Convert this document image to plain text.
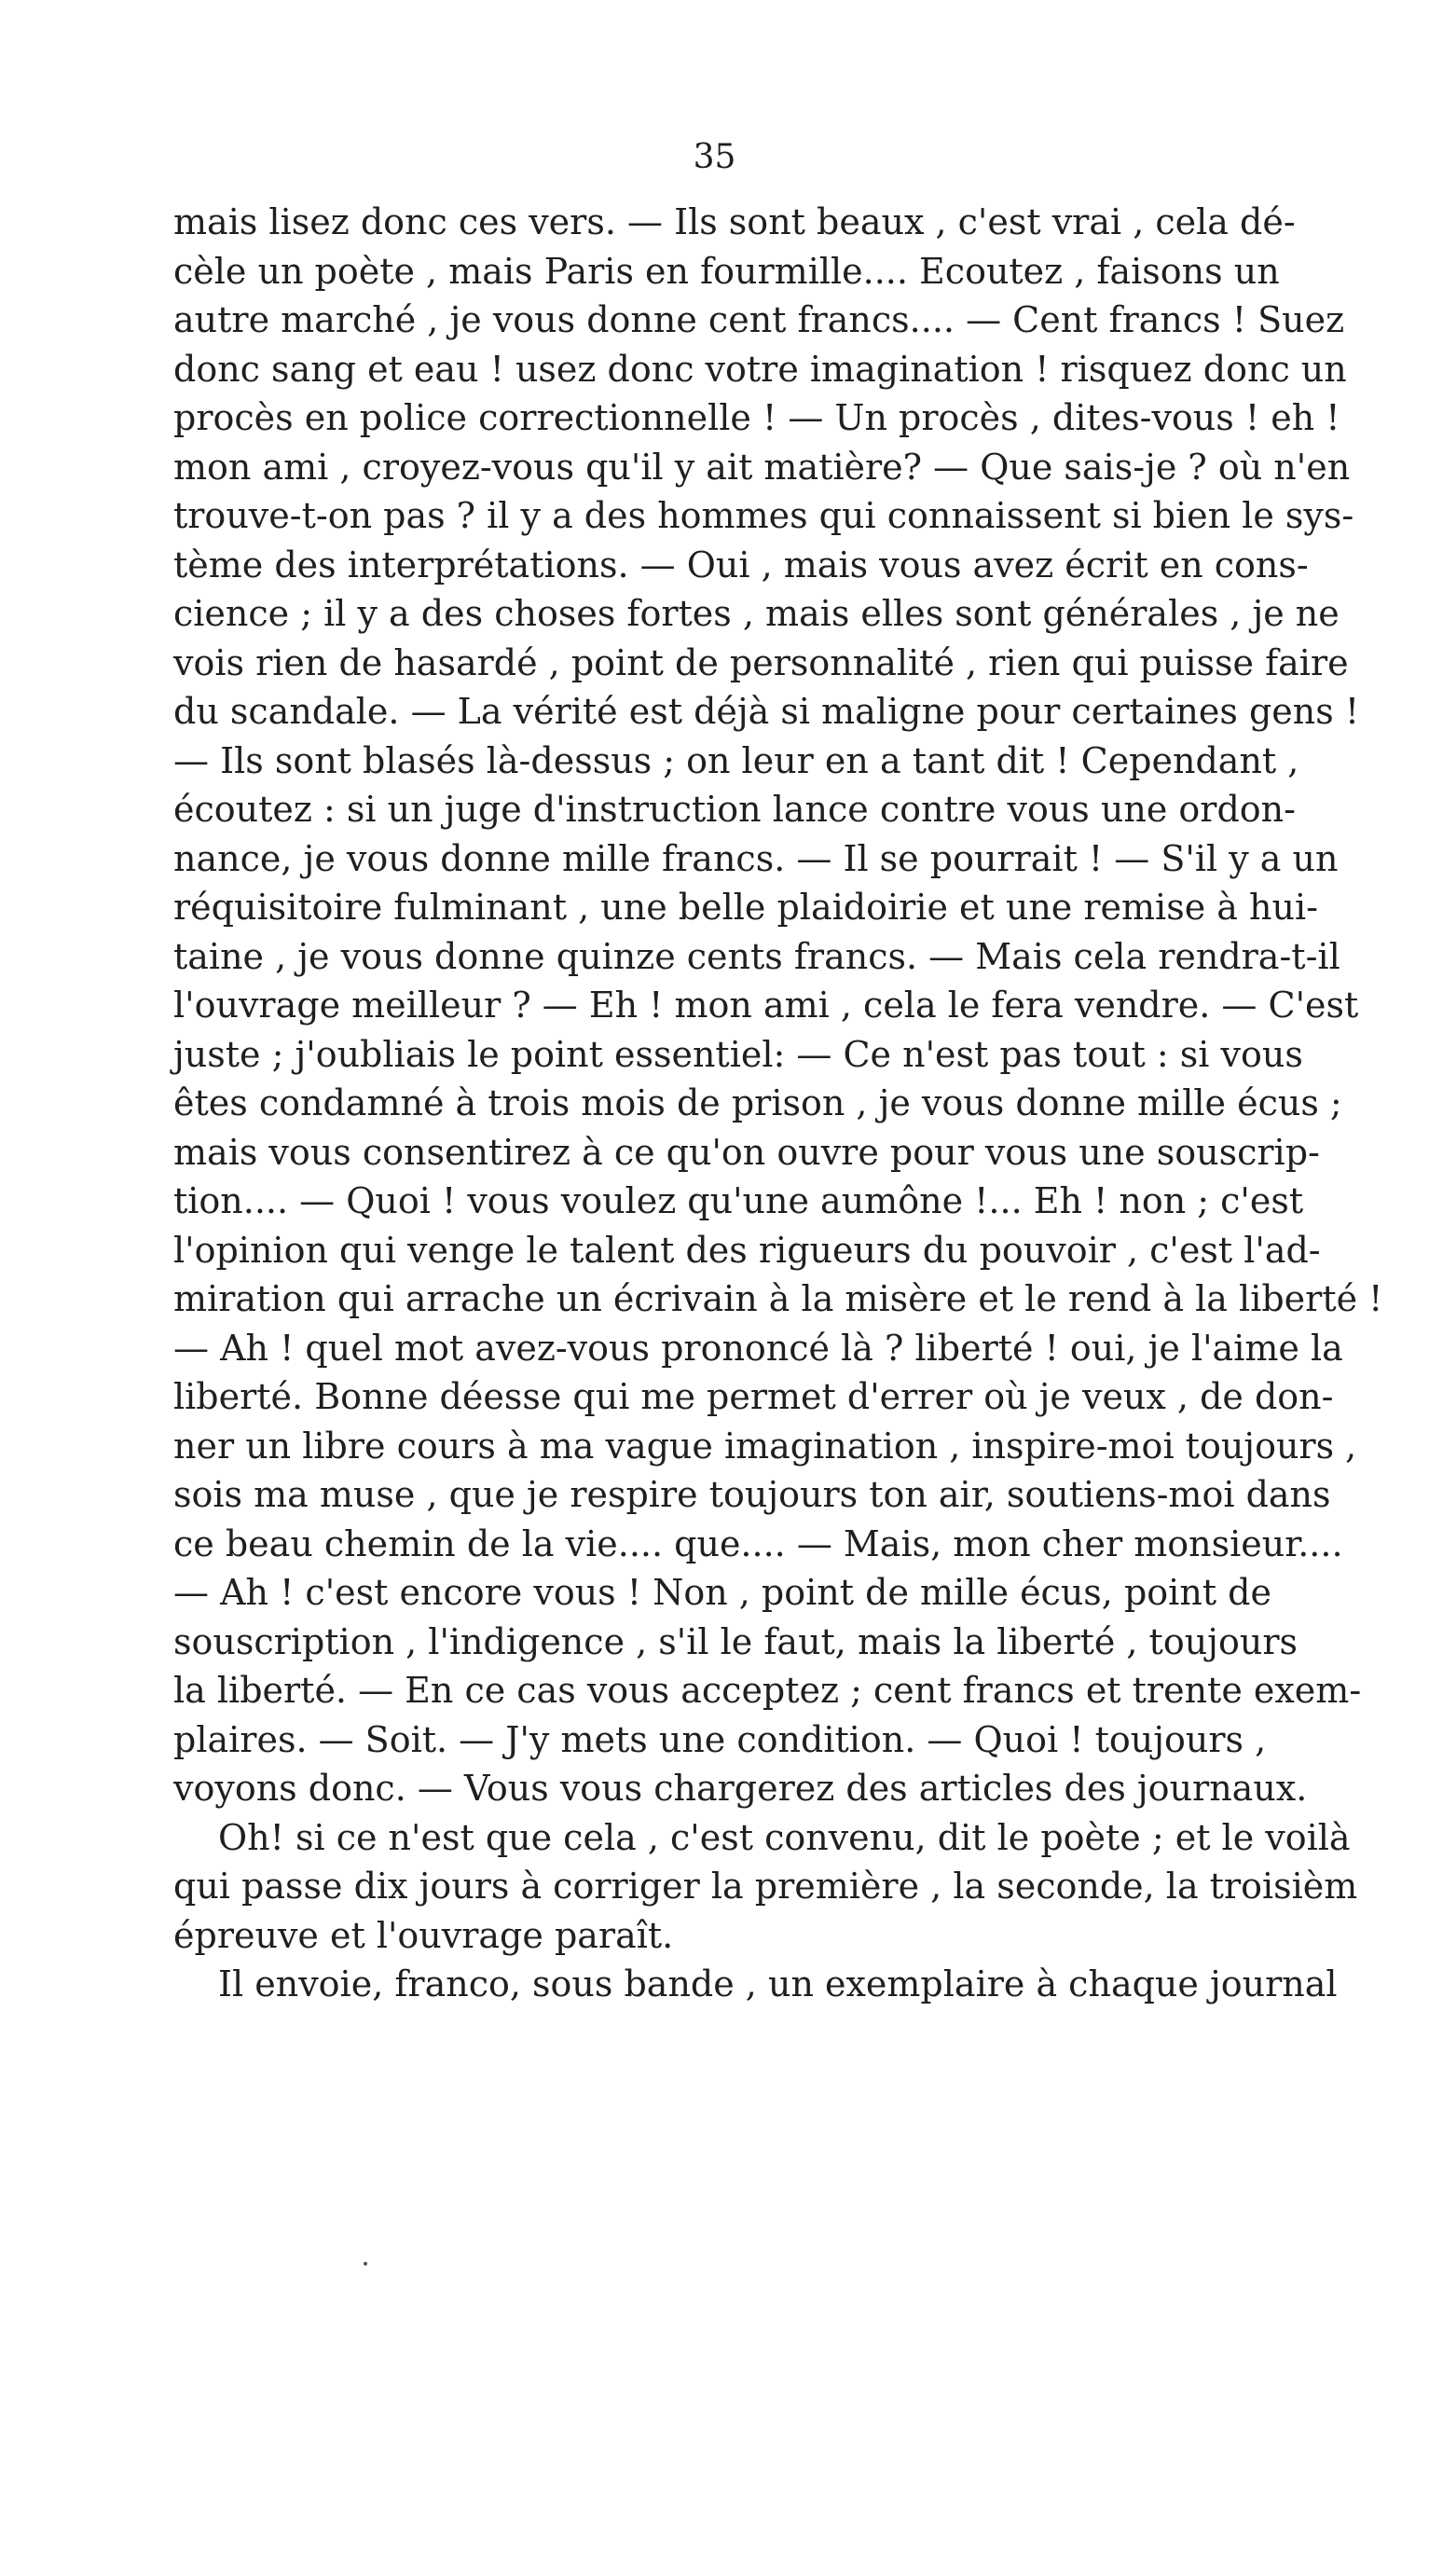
35
mais lisez donc ces vers. — Ils sont beaux , c'est vrai , cela dé-
cèle un poète , mais Paris en fourmille.... Ecoutez , faisons un
autre marché , je vous donne cent francs.... — Cent francs ! Suez
donc sang et eau ! usez donc votre imagination ! risquez donc un
procès en police correctionnelle ! — Un procès , dites-vous ! eh !
mon ami , croyez-vous qu'il y ait matière? — Que sais-je ? où n'en
trouve-t-on pas ? il y a des hommes qui connaissent si bien le sys-
tème des interprétations. — Oui , mais vous avez écrit en cons-
cience ; il y a des choses fortes , mais elles sont générales , je ne
vois rien de hasardé , point de personnalité , rien qui puisse faire
du scandale. — La vérité est déjà si maligne pour certaines gens !
— Ils sont blasés là-dessus ; on leur en a tant dit ! Cependant ,
écoutez : si un juge d'instruction lance contre vous une ordon-
nance, je vous donne mille francs. — Il se pourrait ! — S'il y a un
réquisitoire fulminant , une belle plaidoirie et une remise à hui-
taine , je vous donne quinze cents francs. — Mais cela rendra-t-il
l'ouvrage meilleur ? — Eh ! mon ami , cela le fera vendre. — C'est
juste ; j'oubliais le point essentiel: — Ce n'est pas tout : si vous
êtes condamné à trois mois de prison , je vous donne mille écus ;
mais vous consentirez à ce qu'on ouvre pour vous une souscrip-
tion.... — Quoi ! vous voulez qu'une aumône !... Eh ! non ; c'est
l'opinion qui venge le talent des rigueurs du pouvoir , c'est l'ad-
miration qui arrache un écrivain à la misère et le rend à la liberté !
— Ah ! quel mot avez-vous prononcé là ? liberté ! oui, je l'aime la
liberté. Bonne déesse qui me permet d'errer où je veux , de don-
ner un libre cours à ma vague imagination , inspire-moi toujours ,
sois ma muse , que je respire toujours ton air, soutiens-moi dans
ce beau chemin de la vie.... que.... — Mais, mon cher monsieur....
— Ah ! c'est encore vous ! Non , point de mille écus, point de
souscription , l'indigence , s'il le faut, mais la liberté , toujours
la liberté. — En ce cas vous acceptez ; cent francs et trente exem-
plaires. — Soit. — J'y mets une condition. — Quoi ! toujours ,
voyons donc. — Vous vous chargerez des articles des journaux.
Oh! si ce n'est que cela , c'est convenu, dit le poète ; et le voilà
qui passe dix jours à corriger la première , la seconde, la troisièm
épreuve et l'ouvrage paraît.
Il envoie, franco, sous bande , un exemplaire à chaque journal
